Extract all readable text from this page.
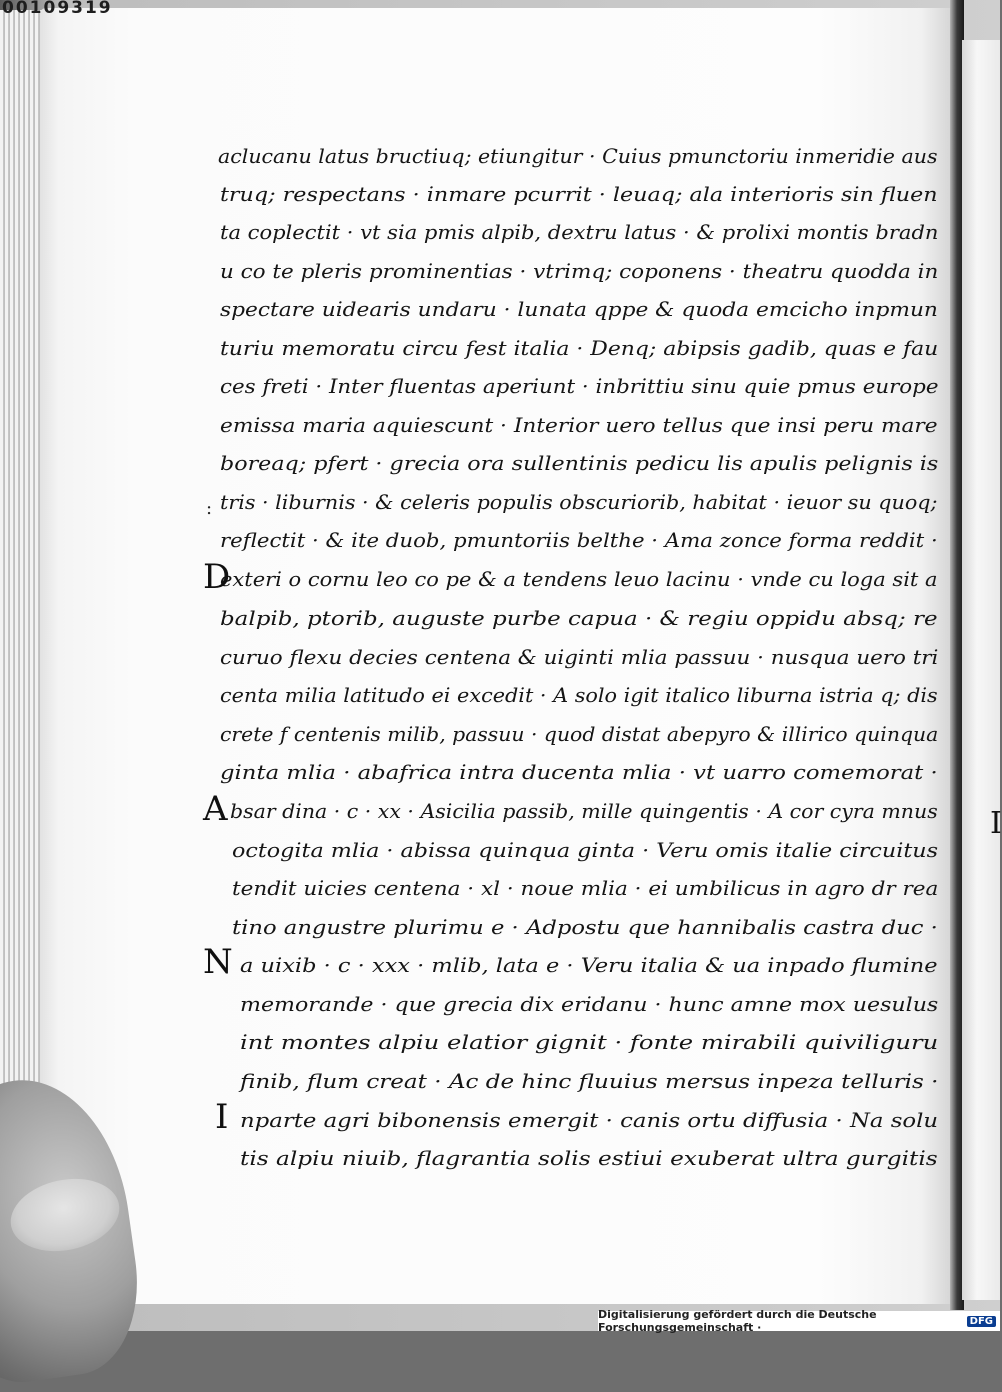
I
00109319
aclucanu latus bructiuq; etiungitur · Cuius pmunctoriu inmeridie aus
truq; respectans · inmare pcurrit · leuaq; ala interioris sin fluen
ta coplectit · vt sia pmis alpib, dextru latus · & prolixi montis bradn
u co te pleris prominentias · vtrimq; coponens · theatru quodda in
spectare uidearis undaru · lunata qppe & quoda emcicho inpmun
turiu memoratu circu fest italia · Denq; abipsis gadib, quas e fau
ces freti · Inter fluentas aperiunt · inbrittiu sinu quie pmus europe
emissa maria aquiescunt · Interior uero tellus que insi peru mare
boreaq; pfert · grecia ora sullentinis pedicu lis apulis pelignis is
tris · liburnis · & celeris populis obscuriorib, habitat · ieuor su quoq;
reflectit · & ite duob, pmuntoriis belthe · Ama zonce forma reddit ·
exteri o cornu leo co pe & a tendens leuo lacinu · vnde cu loga sit a
balpib, ptorib, auguste purbe capua · & regiu oppidu absq; re
curuo flexu decies centena & uiginti mlia passuu · nusqua uero tri
centa milia latitudo ei excedit · A solo igit italico liburna istria q; dis
crete f centenis milib, passuu · quod distat abepyro & illirico quinqua
ginta mlia · abafrica intra ducenta mlia · vt uarro comemorat ·
bsar dina · c · xx · Asicilia passib, mille quingentis · A cor cyra mnus
octogita mlia · abissa quinqua ginta · Veru omis italie circuitus
tendit uicies centena · xl · noue mlia · ei umbilicus in agro dr rea
tino angustre plurimu e · Adpostu que hannibalis castra duc ·
a uixib · c · xxx · mlib, lata e · Veru italia & ua inpado flumine
memorande · que grecia dix eridanu · hunc amne mox uesulus
int montes alpiu elatior gignit · fonte mirabili quiviliguru
finib, flum creat · Ac de hinc fluuius mersus inpeza telluris ·
nparte agri bibonensis emergit · canis ortu diffusia · Na solu
tis alpiu niuib, flagrantia solis estiui exuberat ultra gurgitis
D
A
N
I
:
Digitalisierung gefördert durch die Deutsche Forschungsgemeinschaft ·	DFG
